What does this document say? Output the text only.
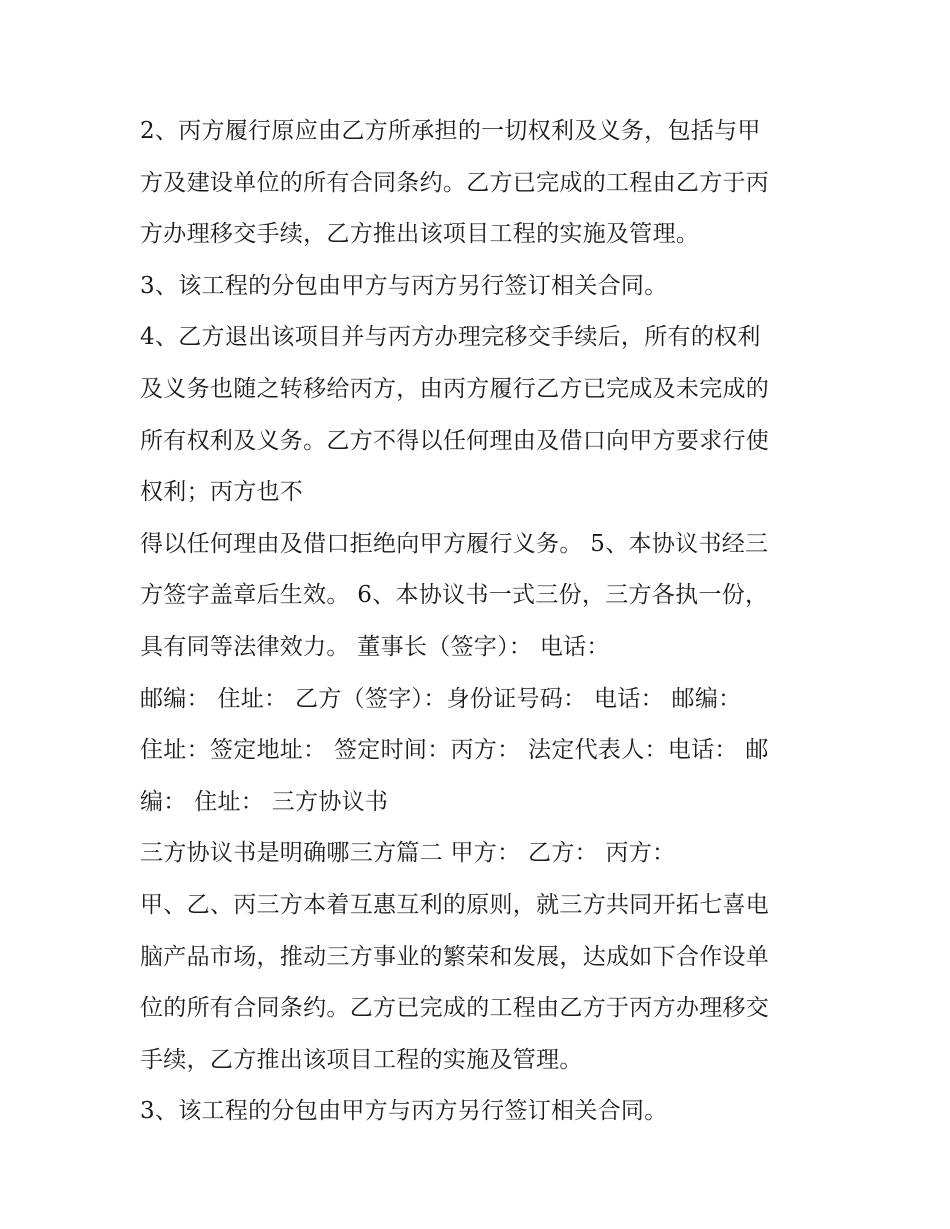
2、丙方履行原应由乙方所承担的一切权利及义务，包括与甲
方及建设单位的所有合同条约。乙方已完成的工程由乙方于丙
方办理移交手续，乙方推出该项目工程的实施及管理。
3、该工程的分包由甲方与丙方另行签订相关合同。
4、乙方退出该项目并与丙方办理完移交手续后，所有的权利
及义务也随之转移给丙方，由丙方履行乙方已完成及未完成的
所有权利及义务。乙方不得以任何理由及借口向甲方要求行使
权利；丙方也不
得以任何理由及借口拒绝向甲方履行义务。 5、本协议书经三
方签字盖章后生效。 6、本协议书一式三份，三方各执一份，
具有同等法律效力。 董事长（签字）： 电话：
邮编： 住址： 乙方（签字）：身份证号码： 电话： 邮编：
住址：签定地址： 签定时间：丙方： 法定代表人：电话： 邮
编： 住址： 三方协议书
三方协议书是明确哪三方篇二 甲方： 乙方： 丙方：
甲、乙、丙三方本着互惠互利的原则，就三方共同开拓七喜电
脑产品市场，推动三方事业的繁荣和发展，达成如下合作设单
位的所有合同条约。乙方已完成的工程由乙方于丙方办理移交
手续，乙方推出该项目工程的实施及管理。
3、该工程的分包由甲方与丙方另行签订相关合同。
